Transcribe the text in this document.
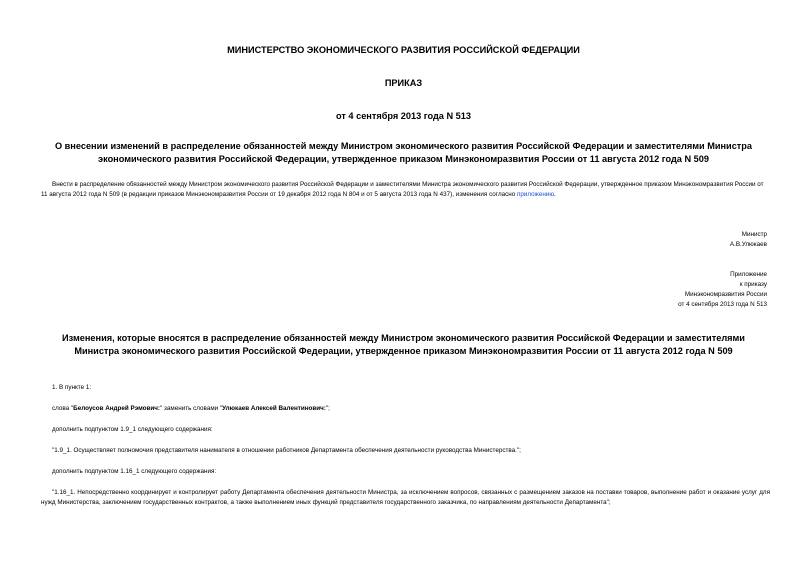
МИНИСТЕРСТВО ЭКОНОМИЧЕСКОГО РАЗВИТИЯ РОССИЙСКОЙ ФЕДЕРАЦИИ
ПРИКАЗ
от 4 сентября 2013 года N 513
О внесении изменений в распределение обязанностей между Министром экономического развития Российской Федерации и заместителями Министра экономического развития Российской Федерации, утвержденное приказом Минэкономразвития России от 11 августа 2012 года N 509
Внести в распределение обязанностей между Министром экономического развития Российской Федерации и заместителями Министра экономического развития Российской Федерации, утвержденное приказом Минэкономразвития России от 11 августа 2012 года N 509 (в редакции приказов Минэкономразвития России от 19 декабря 2012 года N 804 и от 5 августа 2013 года N 437), изменения согласно приложению.
Министр
А.В.Улюкаев
Приложение
к приказу
Минэкономразвития России
от 4 сентября 2013 года N 513
Изменения, которые вносятся в распределение обязанностей между Министром экономического развития Российской Федерации и заместителями Министра экономического развития Российской Федерации, утвержденное приказом Минэкономразвития России от 11 августа 2012 года N 509
1. В пункте 1:
слова "Белоусов Андрей Рэмович:" заменить словами "Улюкаев Алексей Валентинович:";
дополнить подпунктом 1.9_1 следующего содержания:
"1.9_1. Осуществляет полномочия представителя нанимателя в отношении работников Департамента обеспечения деятельности руководства Министерства.";
дополнить подпунктом 1.16_1 следующего содержания:
"1.16_1. Непосредственно координирует и контролирует работу Департамента обеспечения деятельности Министра, за исключением вопросов, связанных с размещением заказов на поставки товаров, выполнение работ и оказание услуг для нужд Министерства, заключением государственных контрактов, а также выполнением иных функций представителя государственного заказчика, по направлениям деятельности Департамента";
